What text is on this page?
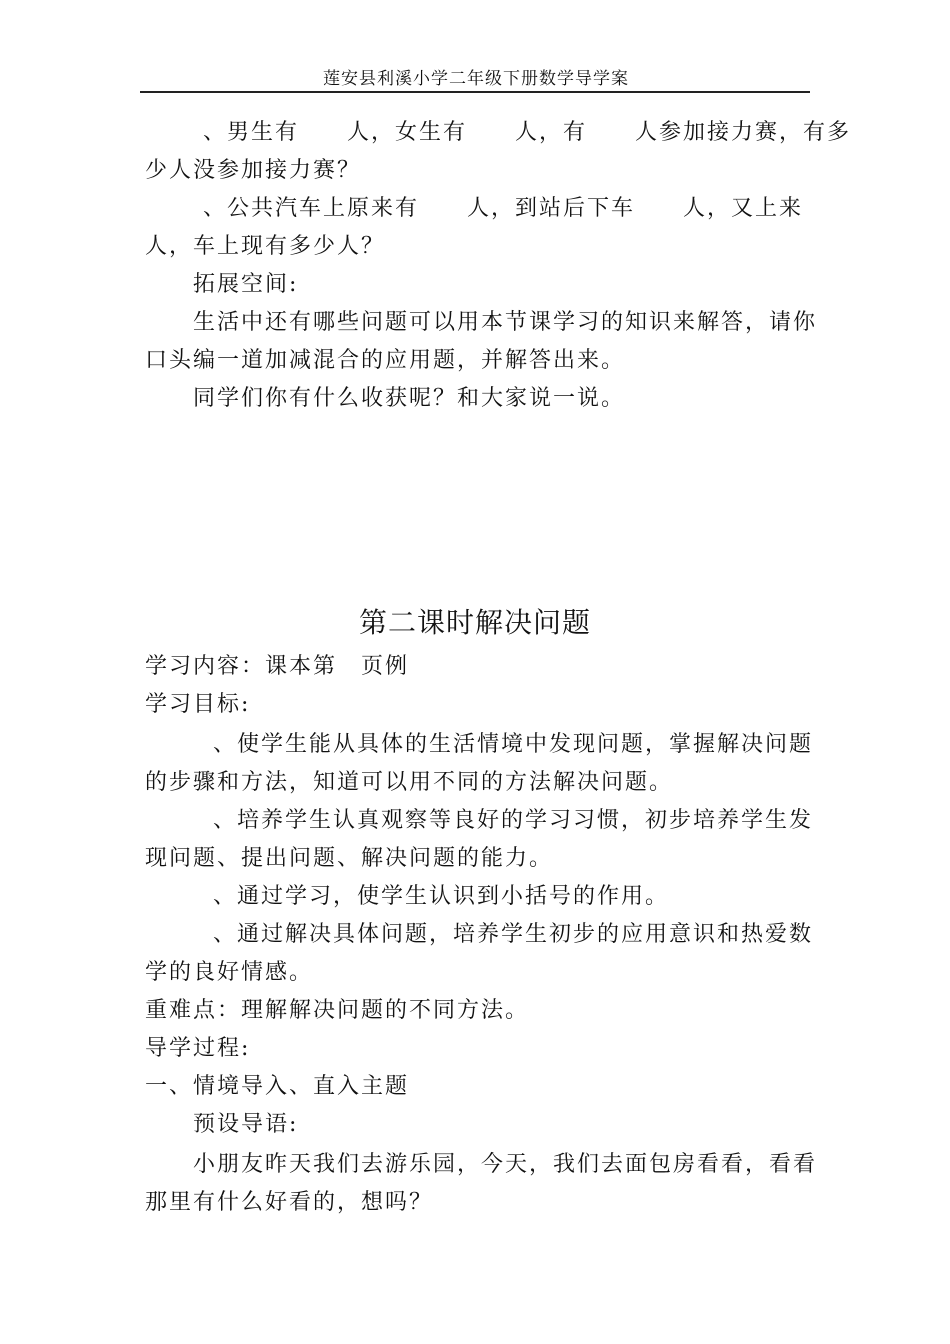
莲安县利溪小学二年级下册数学导学案
、男生有　　人，女生有　　人，有　　人参加接力赛，有多
少人没参加接力赛？
、公共汽车上原来有　　人，到站后下车　　人，又上来
人，车上现有多少人？
拓展空间:
生活中还有哪些问题可以用本节课学习的知识来解答，请你
口头编一道加减混合的应用题，并解答出来。
同学们你有什么收获呢？和大家说一说。
第二课时解决问题
学习内容：课本第　页例
学习目标:
、使学生能从具体的生活情境中发现问题，掌握解决问题
的步骤和方法，知道可以用不同的方法解决问题。
、培养学生认真观察等良好的学习习惯，初步培养学生发
现问题、提出问题、解决问题的能力。
、通过学习，使学生认识到小括号的作用。
、通过解决具体问题，培养学生初步的应用意识和热爱数
学的良好情感。
重难点：理解解决问题的不同方法。
导学过程:
一、情境导入、直入主题
预设导语:
小朋友昨天我们去游乐园，今天，我们去面包房看看，看看
那里有什么好看的，想吗？
